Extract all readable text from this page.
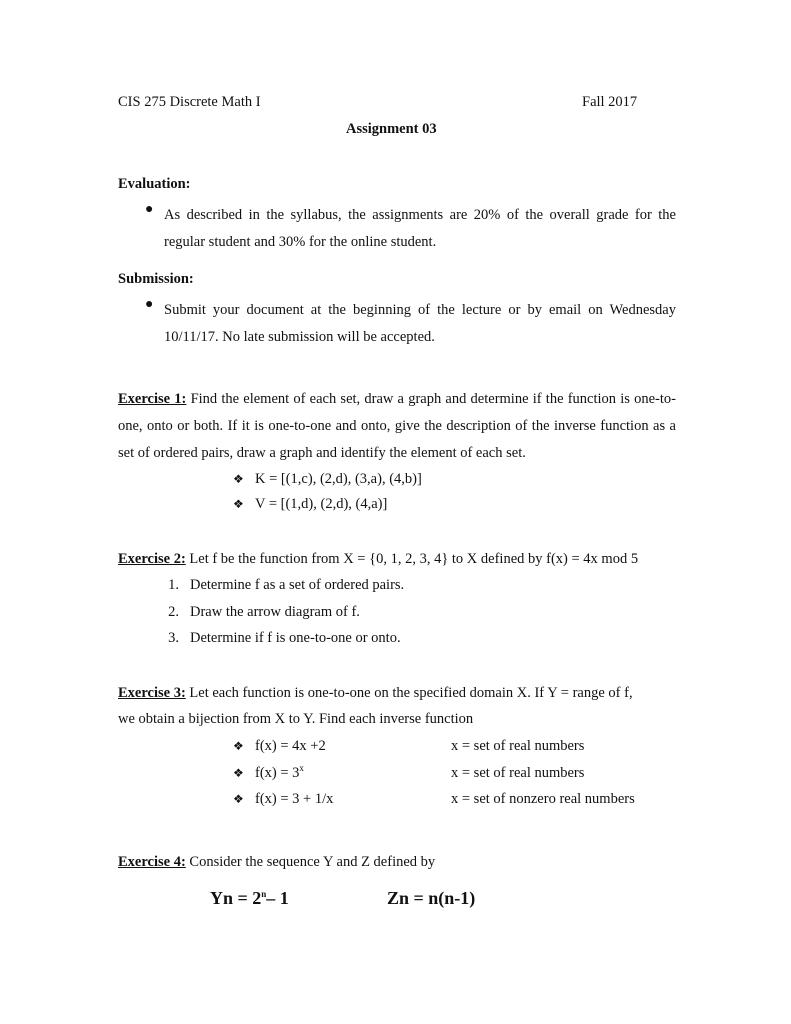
CIS 275 Discrete Math I	Fall 2017
Assignment 03
Evaluation:
● As described in the syllabus, the assignments are 20% of the overall grade for the regular student and 30% for the online student.
Submission:
● Submit your document at the beginning of the lecture or by email on Wednesday 10/11/17. No late submission will be accepted.
Exercise 1: Find the element of each set, draw a graph and determine if the function is one-to-one, onto or both. If it is one-to-one and onto, give the description of the inverse function as a set of ordered pairs, draw a graph and identify the element of each set.
❖ K = [(1,c), (2,d), (3,a), (4,b)]
❖ V = [(1,d), (2,d), (4,a)]
Exercise 2: Let f be the function from X = {0, 1, 2, 3, 4} to X defined by f(x) = 4x mod 5
1. Determine f as a set of ordered pairs.
2. Draw the arrow diagram of f.
3. Determine if f is one-to-one or onto.
Exercise 3: Let each function is one-to-one on the specified domain X. If Y = range of f,
we obtain a bijection from X to Y. Find each inverse function
❖ f(x) = 4x +2	x = set of real numbers
❖ $f(x) = 3^x$	x = set of real numbers
❖ f(x) = 3 + 1/x	x = set of nonzero real numbers
Exercise 4: Consider the sequence Y and Z defined by
$Yn = 2^n-$ 1	Zn = n(n-1)
